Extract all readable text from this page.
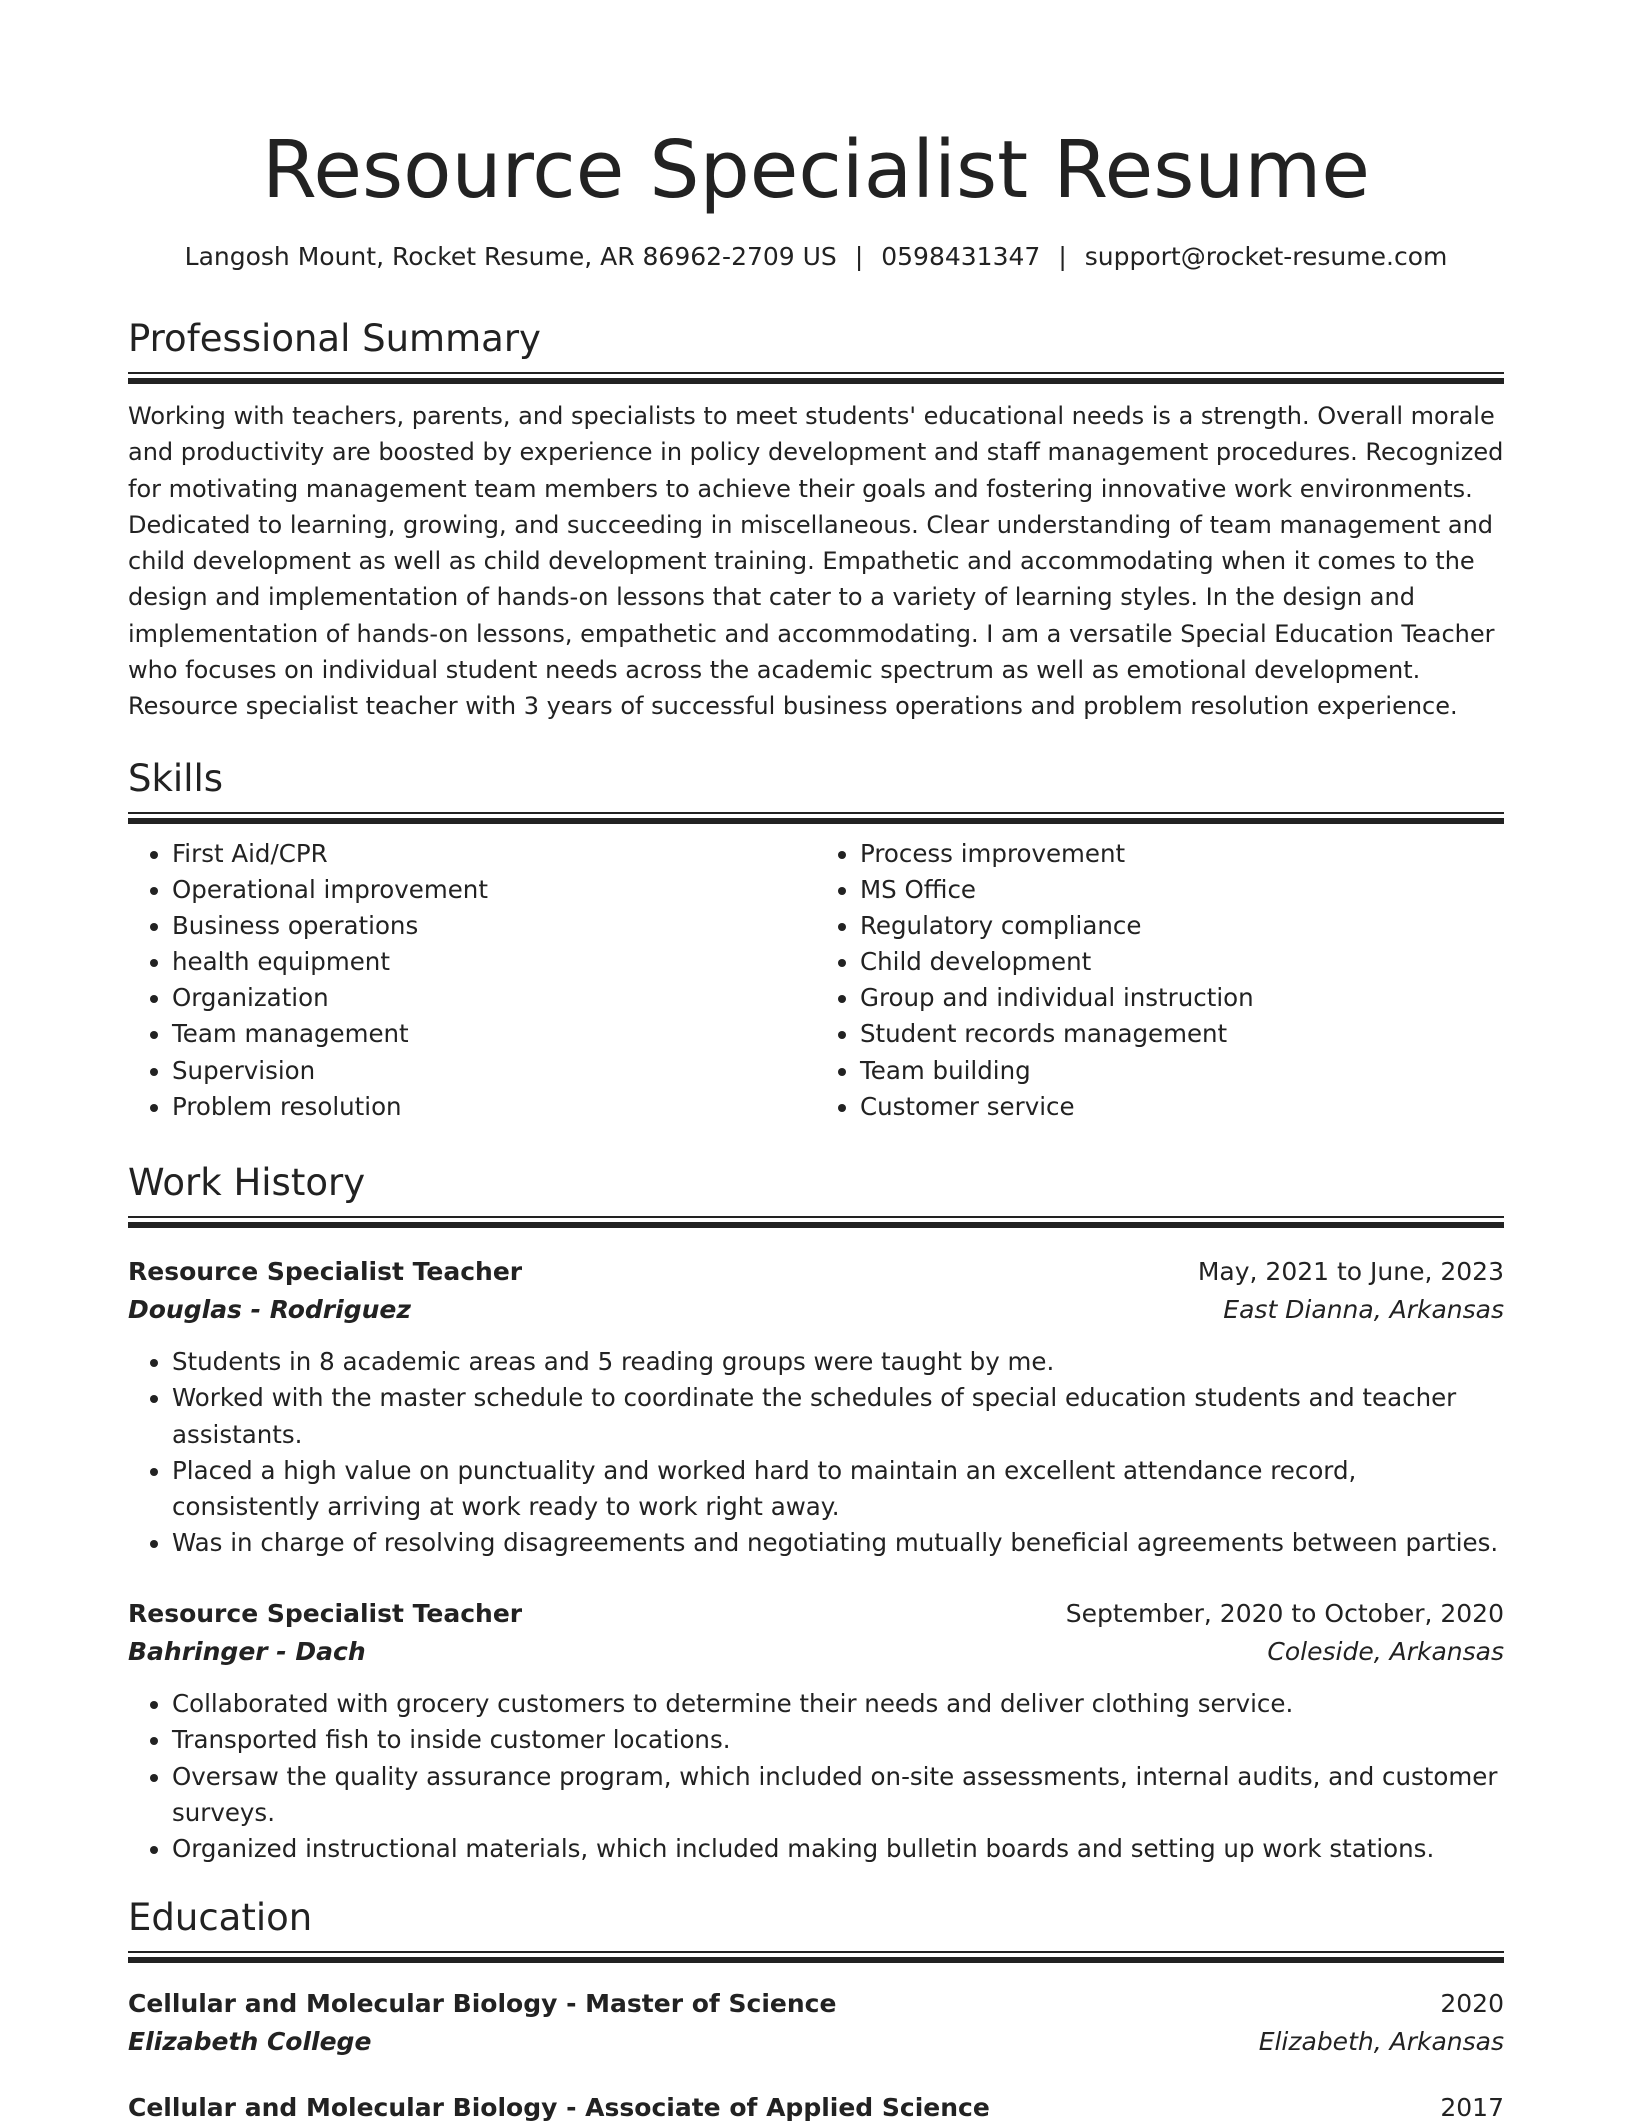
Resource Specialist Resume
Langosh Mount, Rocket Resume, AR 86962-2709 US | 0598431347 | support@rocket-resume.com
Professional Summary

Working with teachers, parents, and specialists to meet students' educational needs is a strength. Overall morale and productivity are boosted by experience in policy development and staff management procedures. Recognized for motivating management team members to achieve their goals and fostering innovative work environments. Dedicated to learning, growing, and succeeding in miscellaneous. Clear understanding of team management and child development as well as child development training. Empathetic and accommodating when it comes to the design and implementation of hands-on lessons that cater to a variety of learning styles. In the design and implementation of hands-on lessons, empathetic and accommodating. I am a versatile Special Education Teacher who focuses on individual student needs across the academic spectrum as well as emotional development. Resource specialist teacher with 3 years of successful business operations and problem resolution experience.

Skills
• First Aid/CPR
• Operational improvement
• Business operations
• health equipment
• Organization
• Team management
• Supervision
• Problem resolution
• Process improvement
• MS Office
• Regulatory compliance
• Child development
• Group and individual instruction
• Student records management
• Team building
• Customer service
Work History
Resource Specialist Teacher	May, 2021 to June, 2023
Douglas - Rodriguez	East Dianna, Arkansas
• Students in 8 academic areas and 5 reading groups were taught by me.
• Worked with the master schedule to coordinate the schedules of special education students and teacher assistants.
• Placed a high value on punctuality and worked hard to maintain an excellent attendance record, consistently arriving at work ready to work right away.
• Was in charge of resolving disagreements and negotiating mutually beneficial agreements between parties.
Resource Specialist Teacher	September, 2020 to October, 2020
Bahringer - Dach	Coleside, Arkansas
• Collaborated with grocery customers to determine their needs and deliver clothing service.
• Transported fish to inside customer locations.
• Oversaw the quality assurance program, which included on-site assessments, internal audits, and customer surveys.
• Organized instructional materials, which included making bulletin boards and setting up work stations.
Education
Cellular and Molecular Biology - Master of Science	2020
Elizabeth College	Elizabeth, Arkansas
Cellular and Molecular Biology - Associate of Applied Science	2017
